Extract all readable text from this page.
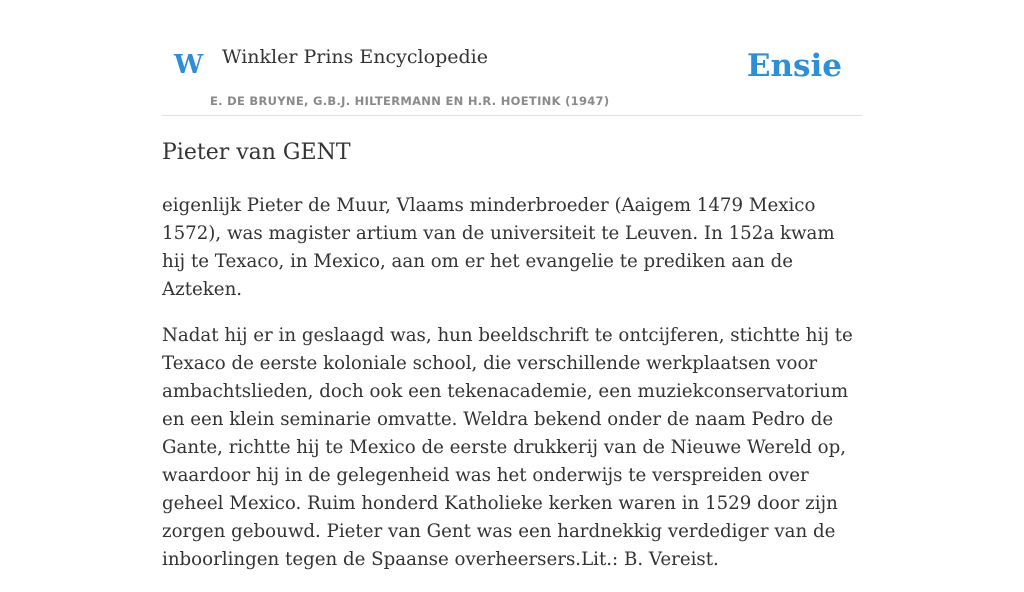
W Winkler Prins Encyclopedie
E. DE BRUYNE, G.B.J. HILTERMANN EN H.R. HOETINK (1947)
Ensie
Pieter van GENT

eigenlijk Pieter de Muur, Vlaams minderbroeder (Aaigem 1479 Mexico 1572), was magister artium van de universiteit te Leuven. In 152a kwam hij te Texaco, in Mexico, aan om er het evangelie te prediken aan de Azteken.

Nadat hij er in geslaagd was, hun beeldschrift te ontcijferen, stichtte hij te Texaco de eerste koloniale school, die verschillende werkplaatsen voor ambachtslieden, doch ook een tekenacademie, een muziekconservatorium en een klein seminarie omvatte. Weldra bekend onder de naam Pedro de Gante, richtte hij te Mexico de eerste drukkerij van de Nieuwe Wereld op, waardoor hij in de gelegenheid was het onderwijs te verspreiden over geheel Mexico. Ruim honderd Katholieke kerken waren in 1529 door zijn zorgen gebouwd. Pieter van Gent was een hardnekkig verdediger van de inboorlingen tegen de Spaanse overheersers.Lit.: B. Vereist.
